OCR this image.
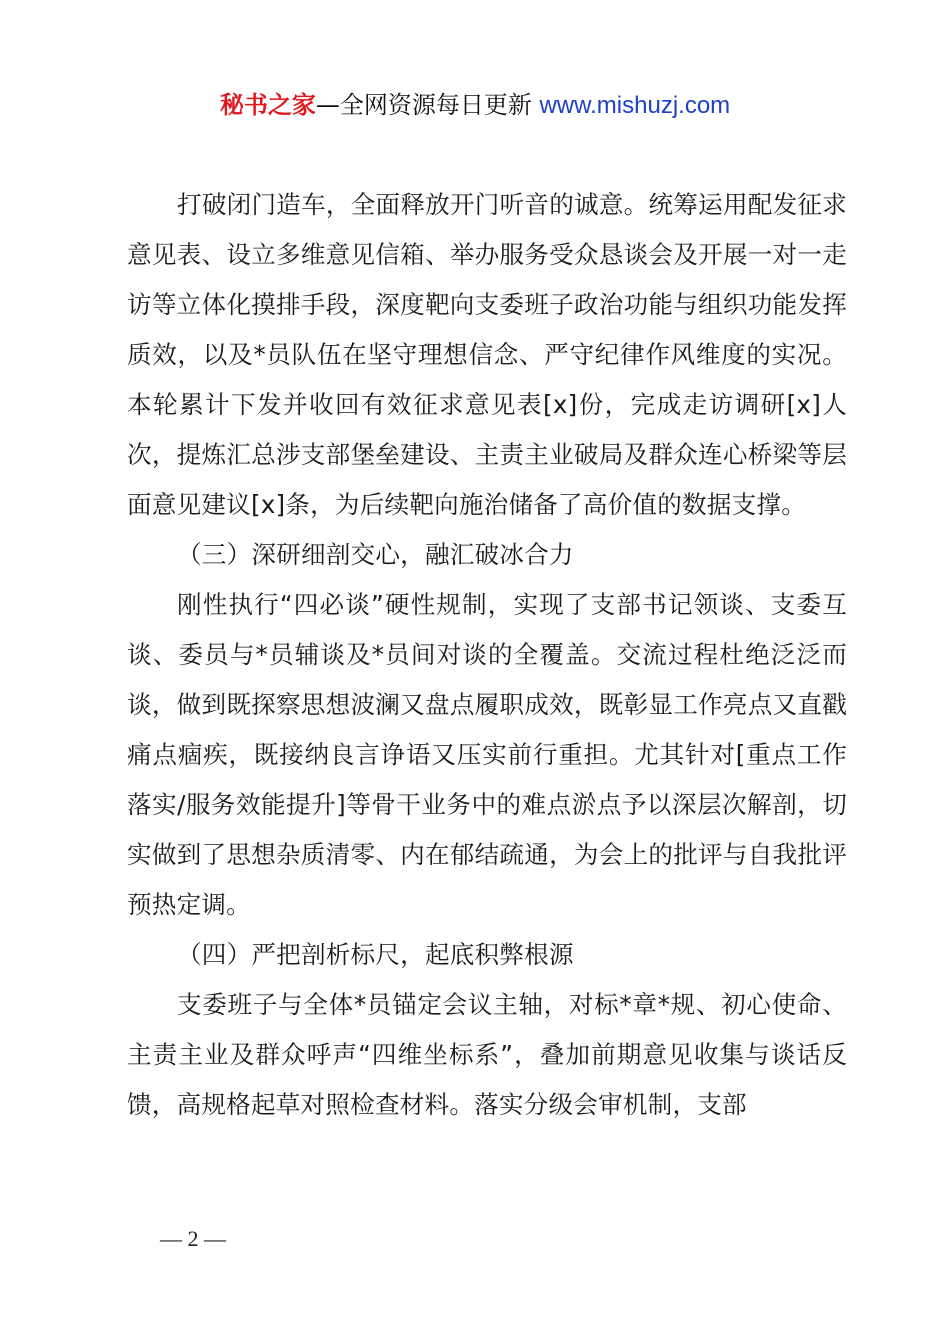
秘书之家—全网资源每日更新 www.mishuzj.com

打破闭门造车，全面释放开门听音的诚意。统筹运用配发征求意见表、设立多维意见信箱、举办服务受众恳谈会及开展一对一走访等立体化摸排手段，深度靶向支委班子政治功能与组织功能发挥质效，以及*员队伍在坚守理想信念、严守纪律作风维度的实况。本轮累计下发并收回有效征求意见表[x]份，完成走访调研[x]人次，提炼汇总涉支部堡垒建设、主责主业破局及群众连心桥梁等层面意见建议[x]条，为后续靶向施治储备了高价值的数据支撑。

（三）深研细剖交心，融汇破冰合力

刚性执行“四必谈”硬性规制，实现了支部书记领谈、支委互谈、委员与*员辅谈及*员间对谈的全覆盖。交流过程杜绝泛泛而谈，做到既探察思想波澜又盘点履职成效，既彰显工作亮点又直戳痛点痼疾，既接纳良言诤语又压实前行重担。尤其针对[重点工作落实/服务效能提升]等骨干业务中的难点淤点予以深层次解剖，切实做到了思想杂质清零、内在郁结疏通，为会上的批评与自我批评预热定调。

（四）严把剖析标尺，起底积弊根源

支委班子与全体*员锚定会议主轴，对标*章*规、初心使命、主责主业及群众呼声“四维坐标系”，叠加前期意见收集与谈话反馈，高规格起草对照检查材料。落实分级会审机制，支部

— 2 —
